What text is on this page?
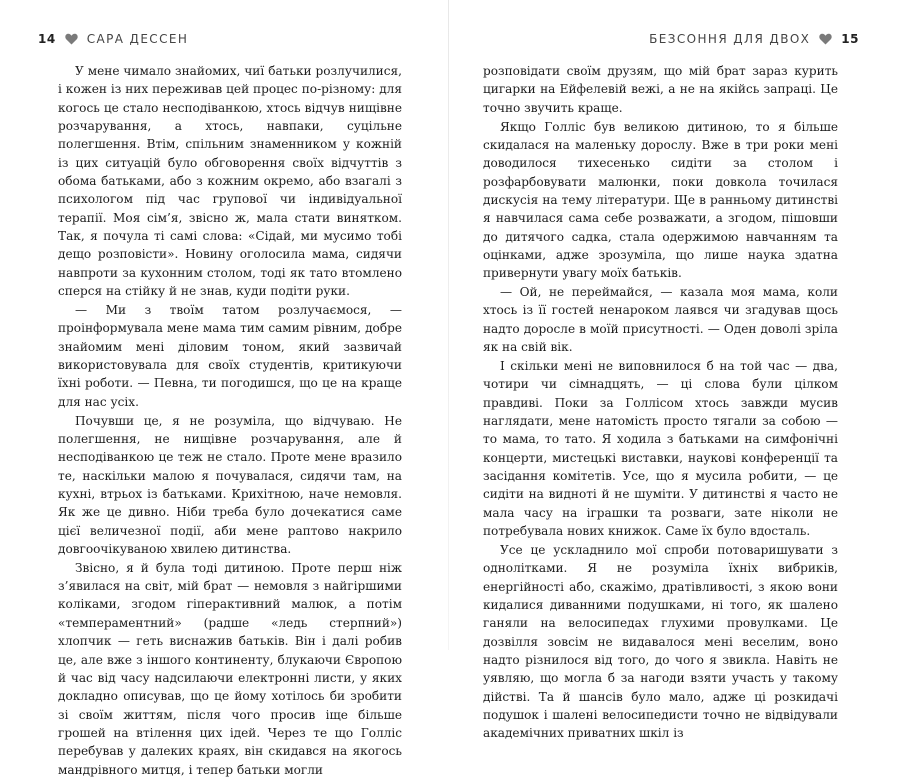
14	САРА ДЕССЕН	БЕЗСОННЯ ДЛЯ ДВОХ	15

У мене чимало знайомих, чиї батьки розлучилися, і кожен із них переживав цей процес по-різному: для когось це стало несподіванкою, хтось відчув нищівне розчарування, а хтось, навпаки, суцільне полегшення. Втім, спільним знаменником у кожній із цих ситуацій було обговорення своїх відчуттів з обома батьками, або з кожним окремо, або взагалі з психологом під час групової чи індивідуальної терапії. Моя сім’я, звісно ж, мала стати винятком. Так, я почула ті самі слова: «Сідай, ми мусимо тобі дещо розповісти». Новину оголосила мама, сидячи навпроти за кухонним столом, тоді як тато втомлено сперся на стійку й не знав, куди подіти руки.

— Ми з твоїм татом розлучаємося, — проінформувала мене мама тим самим рівним, добре знайомим мені діловим тоном, який зазвичай використовувала для своїх студентів, критикуючи їхні роботи. — Певна, ти погодишся, що це на краще для нас усіх.

Почувши це, я не розуміла, що відчуваю. Не полегшення, не нищівне розчарування, але й несподіванкою це теж не стало. Проте мене вразило те, наскільки малою я почувалася, сидячи там, на кухні, втрьох із батьками. Крихітною, наче немовля. Як же це дивно. Ніби треба було дочекатися саме цієї величезної події, аби мене раптово накрило довгоочікуваною хвилею дитинства.

Звісно, я й була тоді дитиною. Проте перш ніж з’явилася на світ, мій брат — немовля з найгіршими коліками, згодом гіперактивний малюк, а потім «темпераментний» (радше «ледь стерпний») хлопчик — геть виснажив батьків. Він і далі робив це, але вже з іншого континенту, блукаючи Європою й час від часу надсилаючи електронні листи, у яких докладно описував, що це йому хотілось би зробити зі своїм життям, після чого просив іще більше грошей на втілення цих ідей. Через те що Голліс перебував у далеких краях, він скидався на якогось мандрівного митця, і тепер батьки могли

розповідати своїм друзям, що мій брат зараз курить цигарки на Ейфелевій вежі, а не на якійсь запраці. Це точно звучить краще.

Якщо Голліс був великою дитиною, то я більше скидалася на маленьку дорослу. Вже в три роки мені доводилося тихесенько сидіти за столом і розфарбовувати малюнки, поки довкола точилася дискусія на тему літератури. Ще в ранньому дитинстві я навчилася сама себе розважати, а згодом, пішовши до дитячого садка, стала одержимою навчанням та оцінками, адже зрозуміла, що лише наука здатна привернути увагу моїх батьків.

— Ой, не переймайся, — казала моя мама, коли хтось із її гостей ненароком лаявся чи згадував щось надто доросле в моїй присутності. — Оден доволі зріла як на свій вік.

І скільки мені не виповнилося б на той час — два, чотири чи сімнадцять, — ці слова були цілком правдиві. Поки за Голлісом хтось завжди мусив наглядати, мене натомість просто тягали за собою — то мама, то тато. Я ходила з батьками на симфонічні концерти, мистецькі виставки, наукові конференції та засідання комітетів. Усе, що я мусила робити, — це сидіти на видноті й не шуміти. У дитинстві я часто не мала часу на іграшки та розваги, зате ніколи не потребувала нових книжок. Саме їх було вдосталь.

Усе це ускладнило мої спроби потоваришувати з однолітками. Я не розуміла їхніх вибриків, енергійності або, скажімо, дратівливості, з якою вони кидалися диванними подушками, ні того, як шалено ганяли на велосипедах глухими провулками. Це дозвілля зовсім не видавалося мені веселим, воно надто різнилося від того, до чого я звикла. Навіть не уявляю, що могла б за нагоди взяти участь у такому дійстві. Та й шансів було мало, адже ці розкидачі подушок і шалені велосипедисти точно не відвідували академічних приватних шкіл із
